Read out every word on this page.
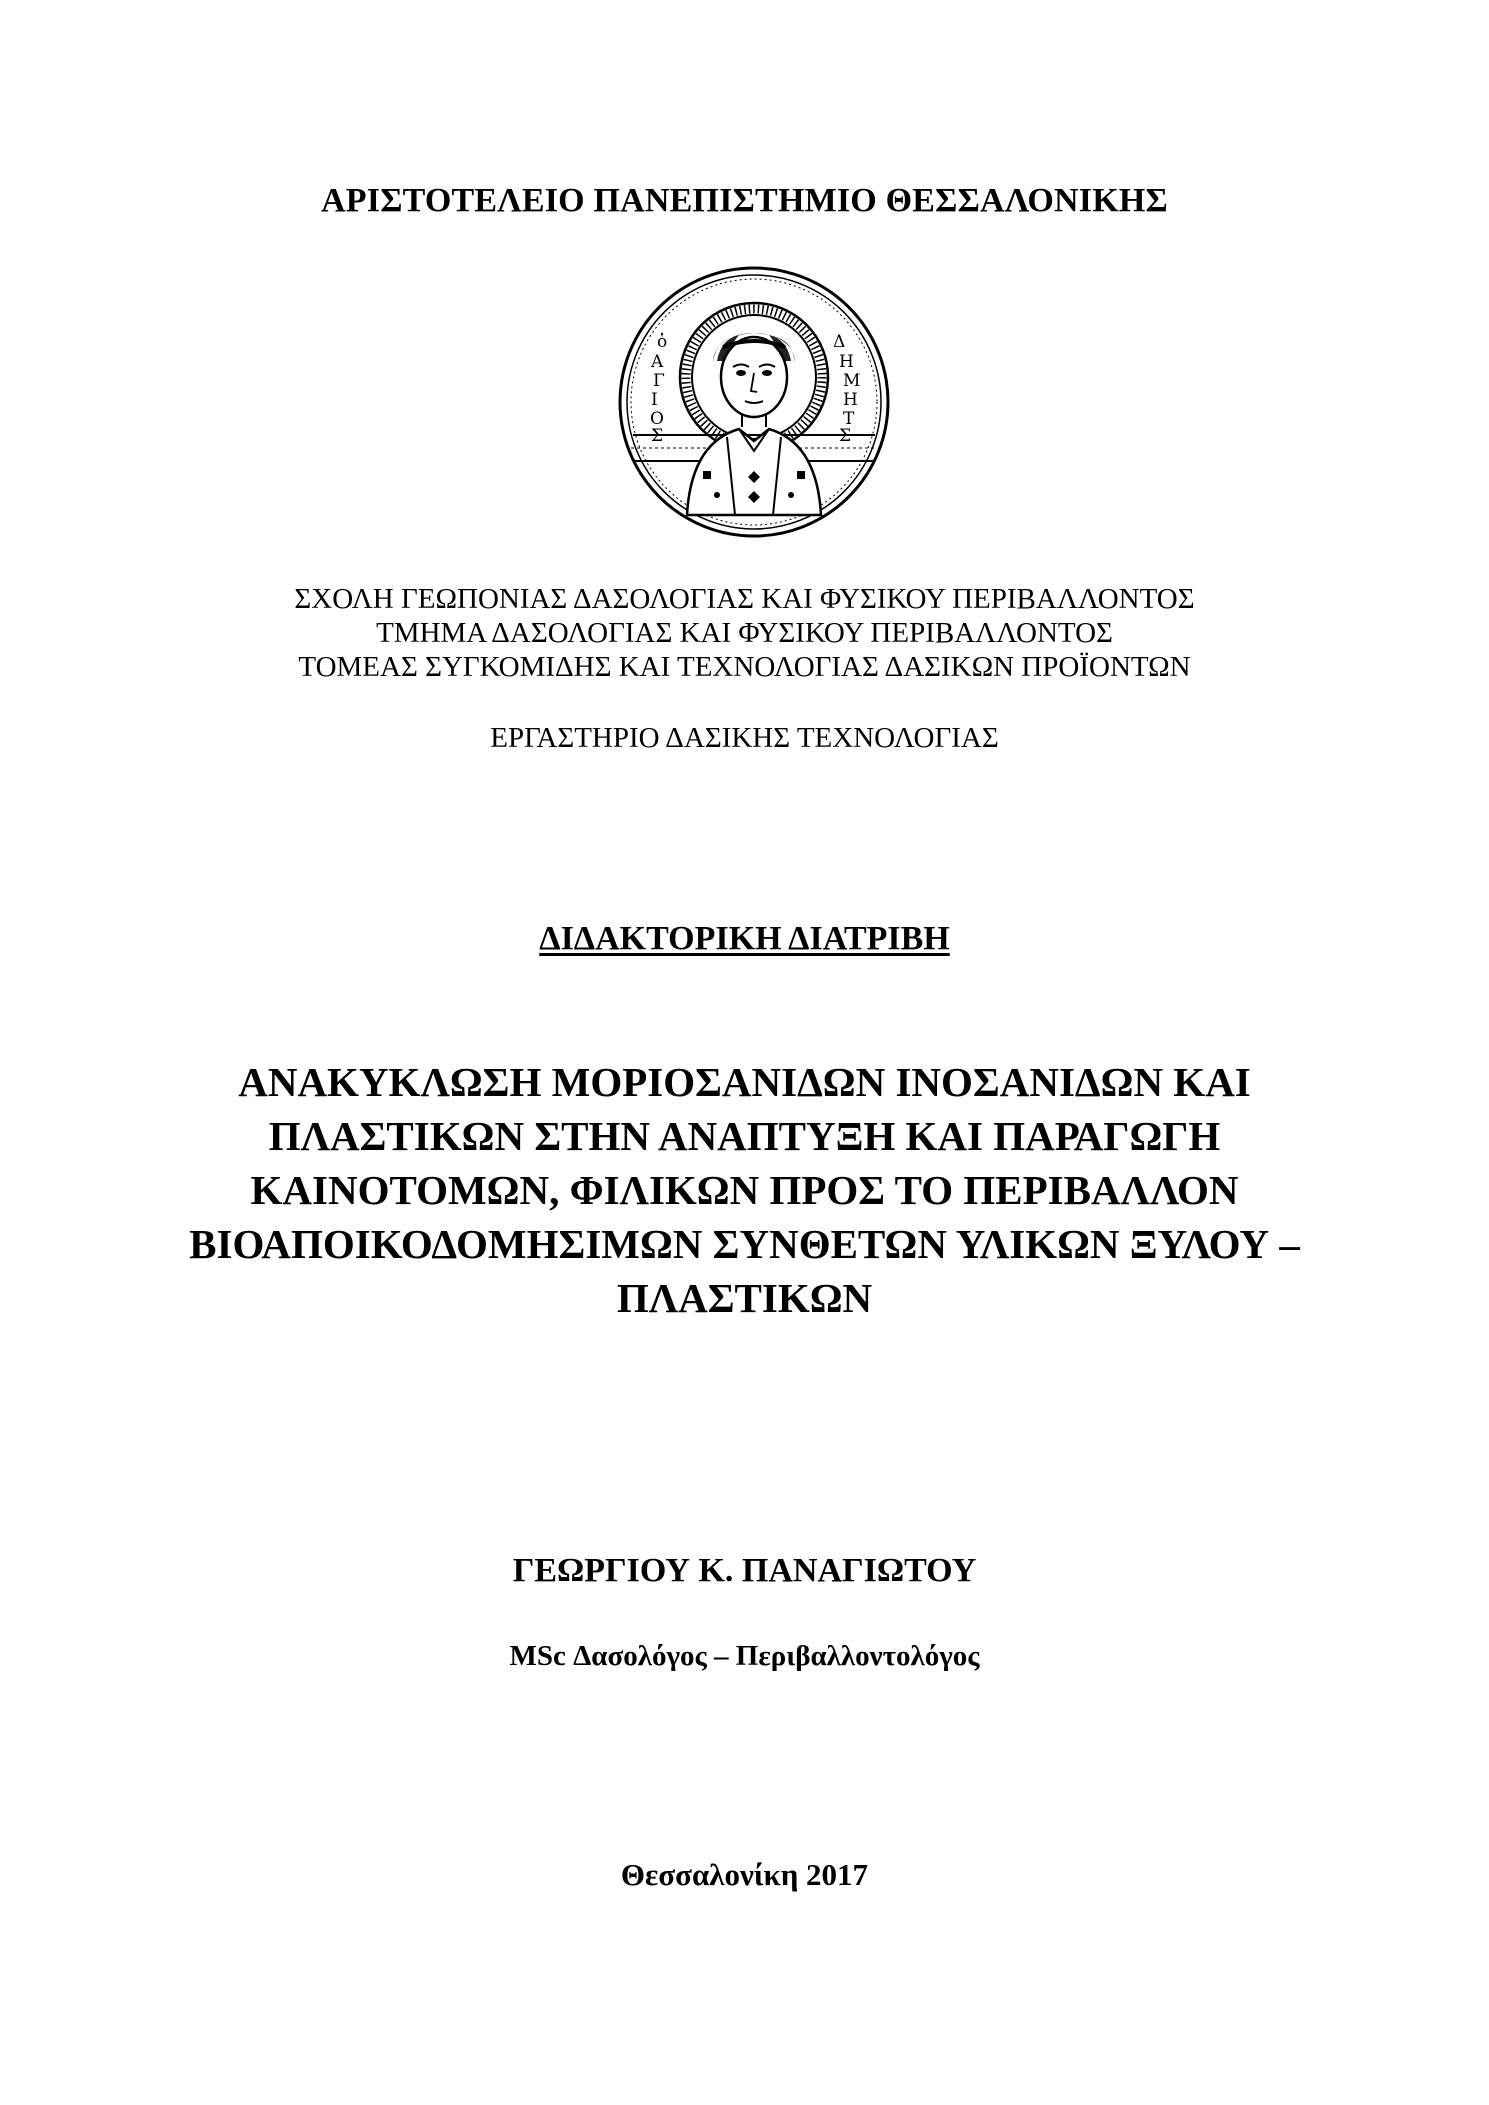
ΑΡΙΣΤΟΤΕΛΕΙΟ ΠΑΝΕΠΙΣΤΗΜΙΟ ΘΕΣΣΑΛΟΝΙΚΗΣ
ὁ
Α
Γ
Ι
Ο
Σ
Δ
Η
Μ
Η
Τ
Σ
ΣΧΟΛΗ ΓΕΩΠΟΝΙΑΣ ΔΑΣΟΛΟΓΙΑΣ ΚΑΙ ΦΥΣΙΚΟΥ ΠΕΡΙΒΑΛΛΟΝΤΟΣ
ΤΜΗΜΑ ΔΑΣΟΛΟΓΙΑΣ ΚΑΙ ΦΥΣΙΚΟΥ ΠΕΡΙΒΑΛΛΟΝΤΟΣ
ΤΟΜΕΑΣ ΣΥΓΚΟΜΙΔΗΣ ΚΑΙ ΤΕΧΝΟΛΟΓΙΑΣ ΔΑΣΙΚΩΝ ΠΡΟΪΟΝΤΩΝ
ΕΡΓΑΣΤΗΡΙΟ ΔΑΣΙΚΗΣ ΤΕΧΝΟΛΟΓΙΑΣ
ΔΙΔΑΚΤΟΡΙΚΗ ΔΙΑΤΡΙΒΗ
ΑΝΑΚΥΚΛΩΣΗ ΜΟΡΙΟΣΑΝΙΔΩΝ ΙΝΟΣΑΝΙΔΩΝ ΚΑΙ
ΠΛΑΣΤΙΚΩΝ ΣΤΗΝ ΑΝΑΠΤΥΞΗ ΚΑΙ ΠΑΡΑΓΩΓΗ
ΚΑΙΝΟΤΟΜΩΝ, ΦΙΛΙΚΩΝ ΠΡΟΣ ΤΟ ΠΕΡΙΒΑΛΛΟΝ
ΒΙΟΑΠΟΙΚΟΔΟΜΗΣΙΜΩΝ ΣΥΝΘΕΤΩΝ ΥΛΙΚΩΝ ΞΥΛΟΥ –
ΠΛΑΣΤΙΚΩΝ
ΓΕΩΡΓΙΟΥ Κ. ΠΑΝΑΓΙΩΤΟΥ
MSc Δασολόγος – Περιβαλλοντολόγος
Θεσσαλονίκη 2017
